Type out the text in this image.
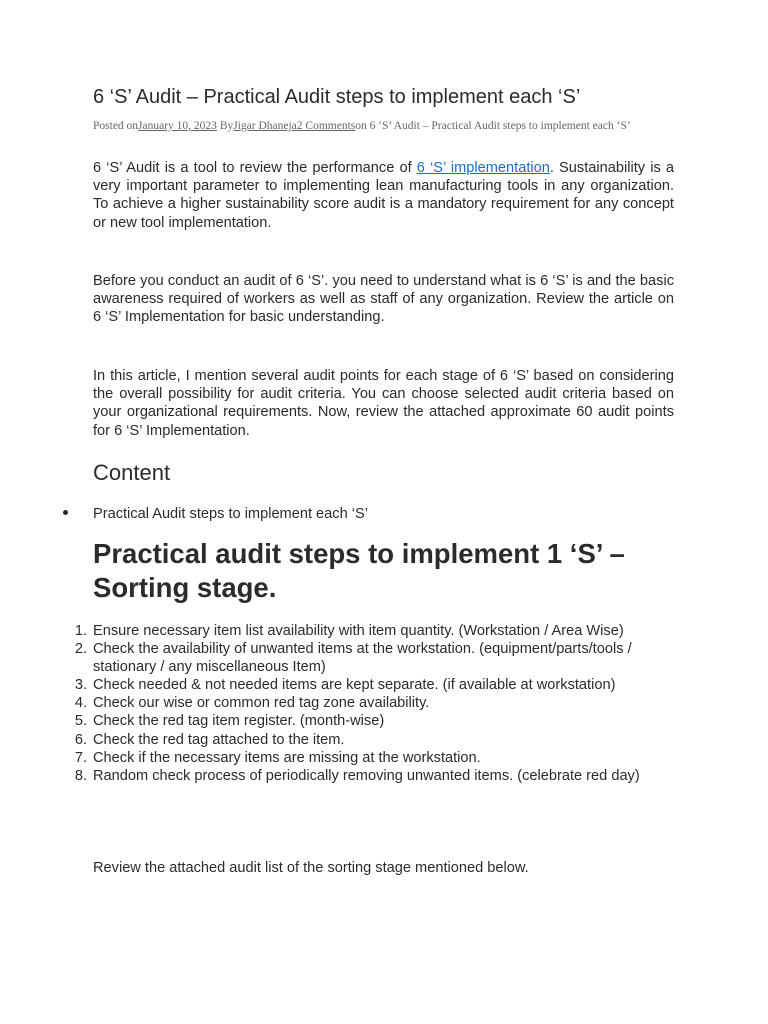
6 ‘S’ Audit – Practical Audit steps to implement each ‘S’
Posted onJanuary 10, 2023 ByJigar Dhaneja2 Commentson 6 ‘S’ Audit – Practical Audit steps to implement each ‘S’

6 ‘S’ Audit is a tool to review the performance of 6 ‘S’ implementation. Sustainability is a very important parameter to implementing lean manufacturing tools in any organization. To achieve a higher sustainability score audit is a mandatory requirement for any concept or new tool implementation.

Before you conduct an audit of 6 ‘S’. you need to understand what is 6 ‘S’ is and the basic awareness required of workers as well as staff of any organization. Review the article on 6 ‘S’ Implementation for basic understanding.

In this article, I mention several audit points for each stage of 6 ‘S’ based on considering the overall possibility for audit criteria. You can choose selected audit criteria based on your organizational requirements. Now, review the attached approximate 60 audit points for 6 ‘S’ Implementation.

Content
Practical Audit steps to implement each ‘S’
Practical audit steps to implement 1 ‘S’ – Sorting stage.
1. Ensure necessary item list availability with item quantity. (Workstation / Area Wise)
2. Check the availability of unwanted items at the workstation. (equipment/parts/tools / stationary / any miscellaneous Item)
3. Check needed & not needed items are kept separate. (if available at workstation)
4. Check our wise or common red tag zone availability.
5. Check the red tag item register. (month-wise)
6. Check the red tag attached to the item.
7. Check if the necessary items are missing at the workstation.
8. Random check process of periodically removing unwanted items. (celebrate red day)

Review the attached audit list of the sorting stage mentioned below.
